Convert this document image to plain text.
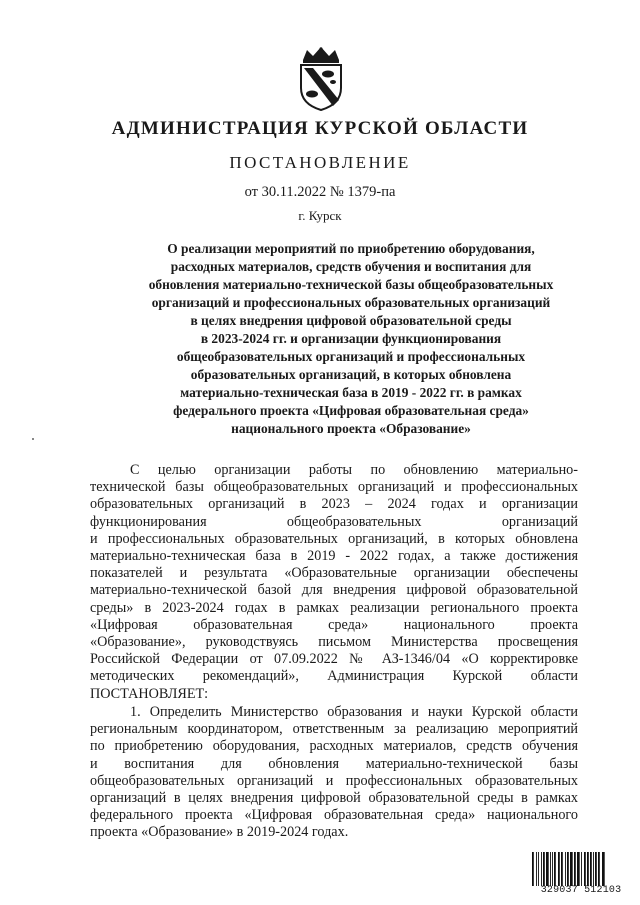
АДМИНИСТРАЦИЯ КУРСКОЙ ОБЛАСТИ
ПОСТАНОВЛЕНИЕ
от 30.11.2022 № 1379-па
г. Курск

О реализации мероприятий по приобретению оборудования,
расходных материалов, средств обучения и воспитания для
обновления материально-технической базы общеобразовательных
организаций и профессиональных образовательных организаций
в целях внедрения цифровой образовательной среды
в 2023-2024 гг. и организации функционирования
общеобразовательных организаций и профессиональных
образовательных организаций, в которых обновлена
материально-техническая база в 2019 - 2022 гг. в рамках
федерального проекта «Цифровая образовательная среда»
национального проекта «Образование»

С целью организации работы по обновлению материально-
технической базы общеобразовательных организаций и профессиональных
образовательных организаций в 2023 – 2024 годах и организации
функционирования общеобразовательных организаций
и профессиональных образовательных организаций, в которых обновлена
материально-техническая база в 2019 - 2022 годах, а также достижения
показателей и результата «Образовательные организации обеспечены
материально-технической базой для внедрения цифровой образовательной
среды» в 2023-2024 годах в рамках реализации регионального проекта
«Цифровая образовательная среда» национального проекта
«Образование», руководствуясь письмом Министерства просвещения
Российской Федерации от 07.09.2022 № АЗ-1346/04 «О корректировке
методических рекомендаций», Администрация Курской области
ПОСТАНОВЛЯЕТ:

1. Определить Министерство образования и науки Курской области
региональным координатором, ответственным за реализацию мероприятий
по приобретению оборудования, расходных материалов, средств обучения
и воспитания для обновления материально-технической базы
общеобразовательных организаций и профессиональных образовательных
организаций в целях внедрения цифровой образовательной среды в рамках
федерального проекта «Цифровая образовательная среда» национального
проекта «Образование» в 2019-2024 годах.

329037 512103
